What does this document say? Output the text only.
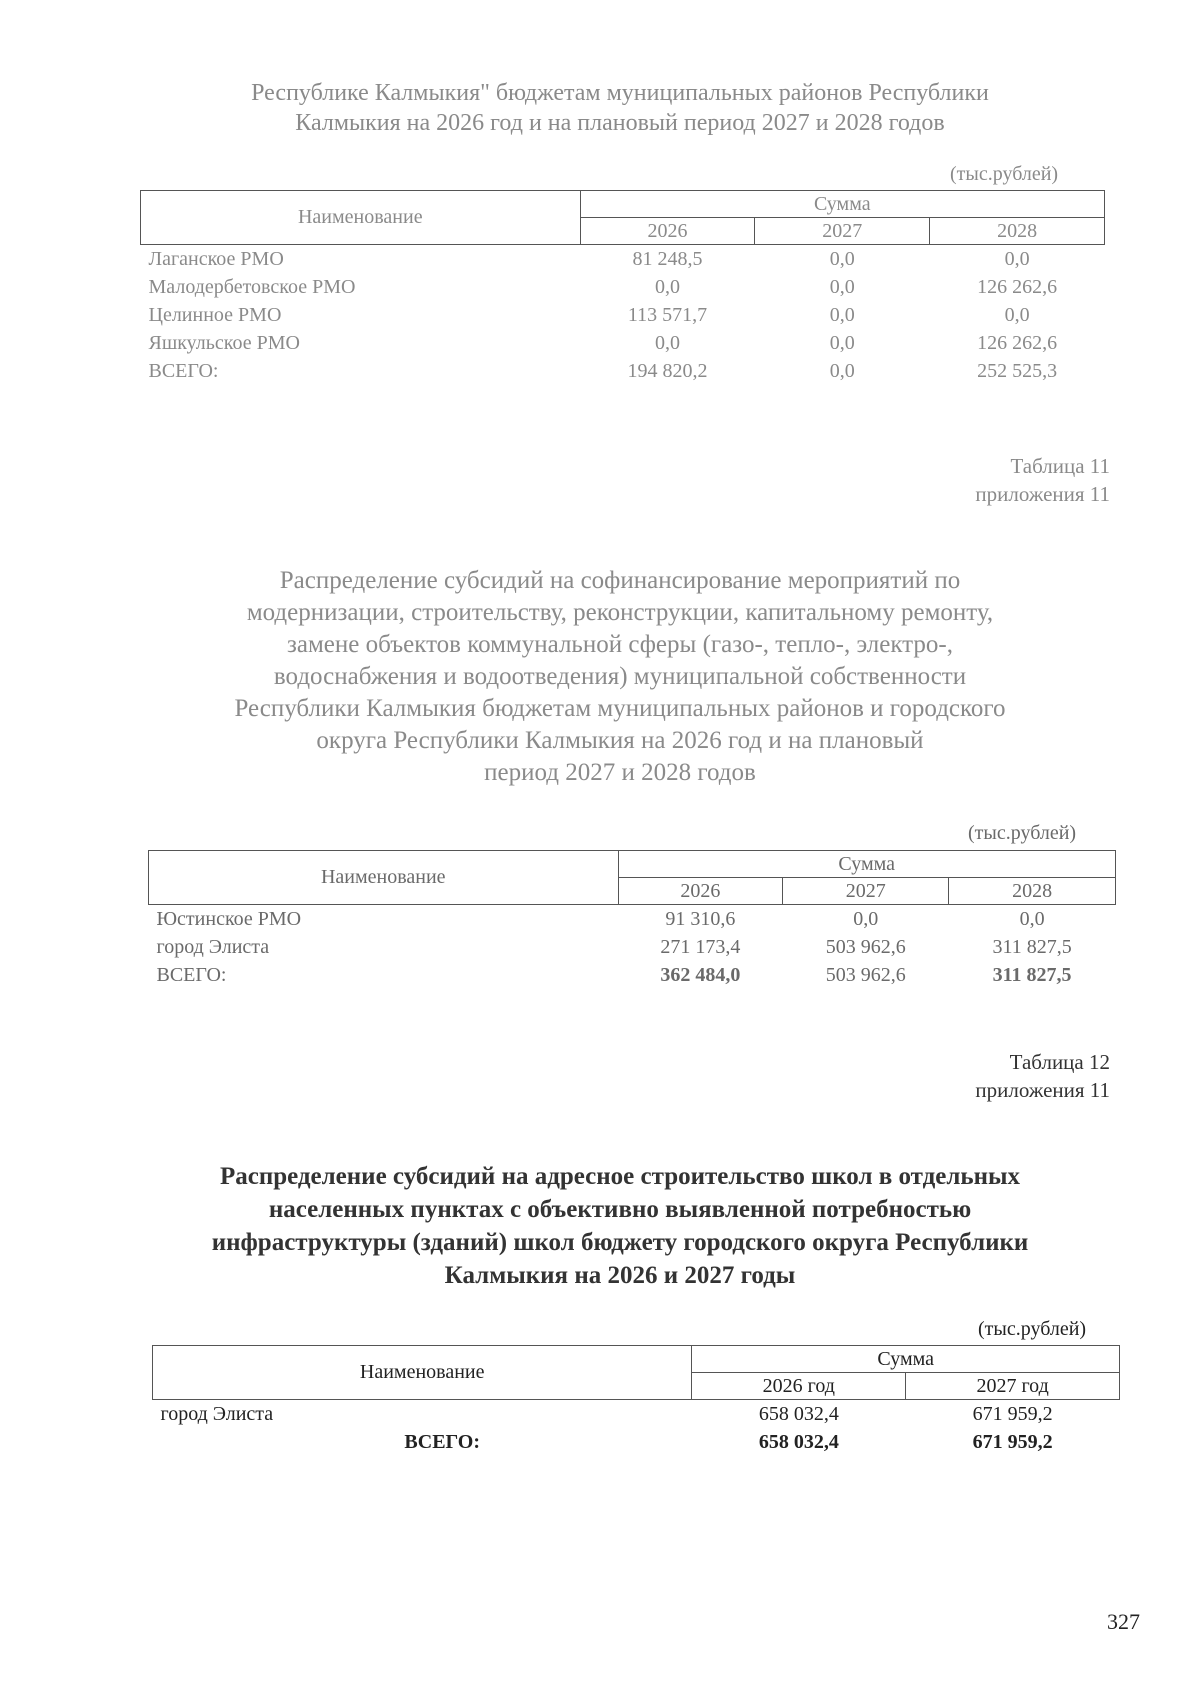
Республике Калмыкия" бюджетам муниципальных районов Республики
Калмыкия на 2026 год и на плановый период 2027 и 2028 годов
(тыс.рублей)
Наименование	Сумма		
	2026	2027	2028
Лаганское РМО	81 248,5	0,0	0,0
Малодербетовское РМО	0,0	0,0	126 262,6
Целинное РМО	113 571,7	0,0	0,0
Яшкульское РМО	0,0	0,0	126 262,6
ВСЕГО:	194 820,2	0,0	252 525,3
Таблица 11
приложения 11
Распределение субсидий на софинансирование мероприятий по
модернизации, строительству, реконструкции, капитальному ремонту,
замене объектов коммунальной сферы (газо-, тепло-, электро-,
водоснабжения и водоотведения) муниципальной собственности
Республики Калмыкия бюджетам муниципальных районов и городского
округа Республики Калмыкия на 2026 год и на плановый
период 2027 и 2028 годов
(тыс.рублей)
Наименование	Сумма		
	2026	2027	2028
Юстинское РМО	91 310,6	0,0	0,0
город Элиста	271 173,4	503 962,6	311 827,5
ВСЕГО:	362 484,0	503 962,6	311 827,5
Таблица 12
приложения 11
Распределение субсидий на адресное строительство школ в отдельных
населенных пунктах с объективно выявленной потребностью
инфраструктуры (зданий) школ бюджету городского округа Республики
Калмыкия на 2026 и 2027 годы
(тыс.рублей)
Наименование	Сумма	
	2026 год	2027 год
город Элиста	658 032,4	671 959,2
ВСЕГО:	658 032,4	671 959,2
327
